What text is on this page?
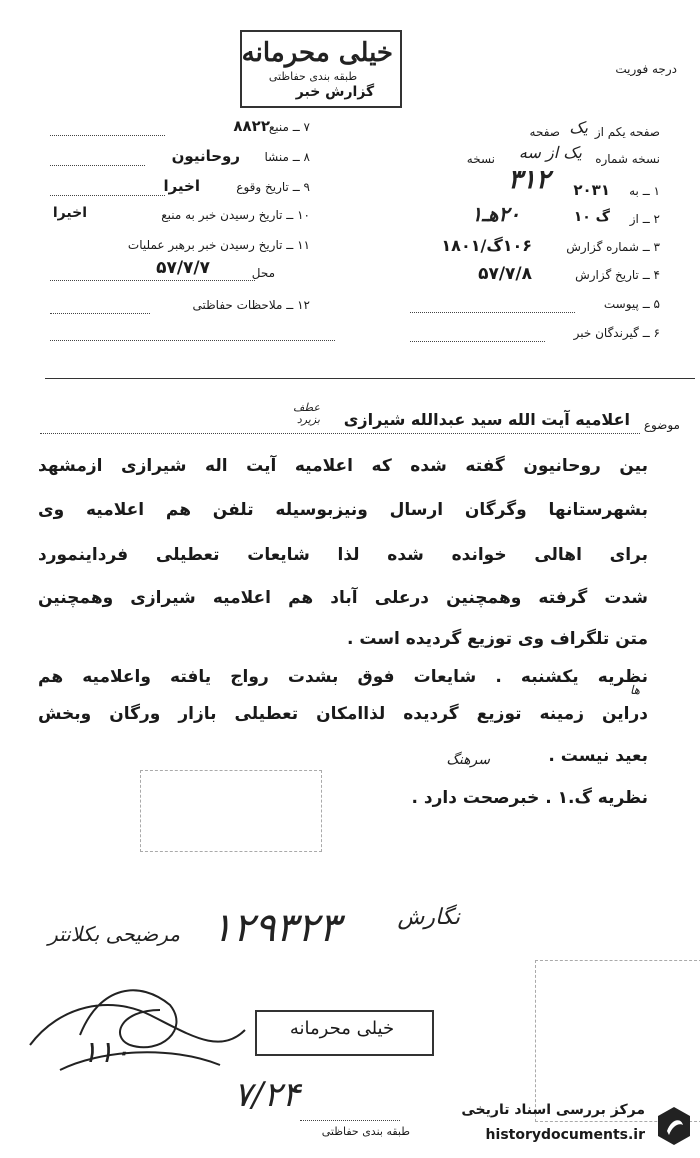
خیلی محرمانه
طبقه بندی حفاظتی
گزارش خبر
درجه فوریت
۷ ــ منبع
۸۸۲۲
۸ ــ منشا
روحانیون
۹ ــ تاریخ وقوع
اخیرا
۱۰ ــ تاریخ رسیدن خبر به منبع
اخیرا
۱۱ ــ تاریخ رسیدن خبر برهبر عملیات
محل
۵۷/۷/۷
۱۲ ــ ملاحظات حفاظتی
صفحه یکم از
یک
صفحه
نسخه شماره
یک از سه
نسخه
۱ ــ به
۲۰۳۱
۳۱۲
۲ ــ از
گ ۱۰
۲۰هـ۱
۳ ــ شماره گزارش
۱۰۶گ/۱۸۰۱
۴ ــ تاریخ گزارش
۵۷/۷/۸
۵ ــ پیوست
۶ ــ گیرندگان خبر
موضوع
اعلامیه آیت الله سید عبدالله شیرازی
عطف بزیرد
بین روحانیون گفته شده که اعلامیه آیت اله شیرازی ازمشهد
بشهرستانها وگرگان ارسال ونیزبوسیله تلفن هم اعلامیه وی
برای اهالی خوانده شده لذا شایعات تعطیلی فرداینمورد
شدت گرفته وهمچنین درعلی آباد هم اعلامیه شیرازی وهمچنین
متن تلگراف وی توزیع گردیده است .
نظریه یکشنبه . شایعات فوق بشدت رواج یافته واعلامیه هم
ها
دراین زمینه توزیع گردیده لذاامکان تعطیلی بازار ورگان وبخش
بعید نیست .
سرهنگ
نظریه گ.۱ . خبرصحت دارد .
۱۲۹۳۲۳	نگارش
مرضیحی بکلانتر
۱۱۰
۷/۲۴
خیلی محرمانه
طبقه بندی حفاظتی
مرکز بررسی اسناد تاریخی
historydocuments.ir
